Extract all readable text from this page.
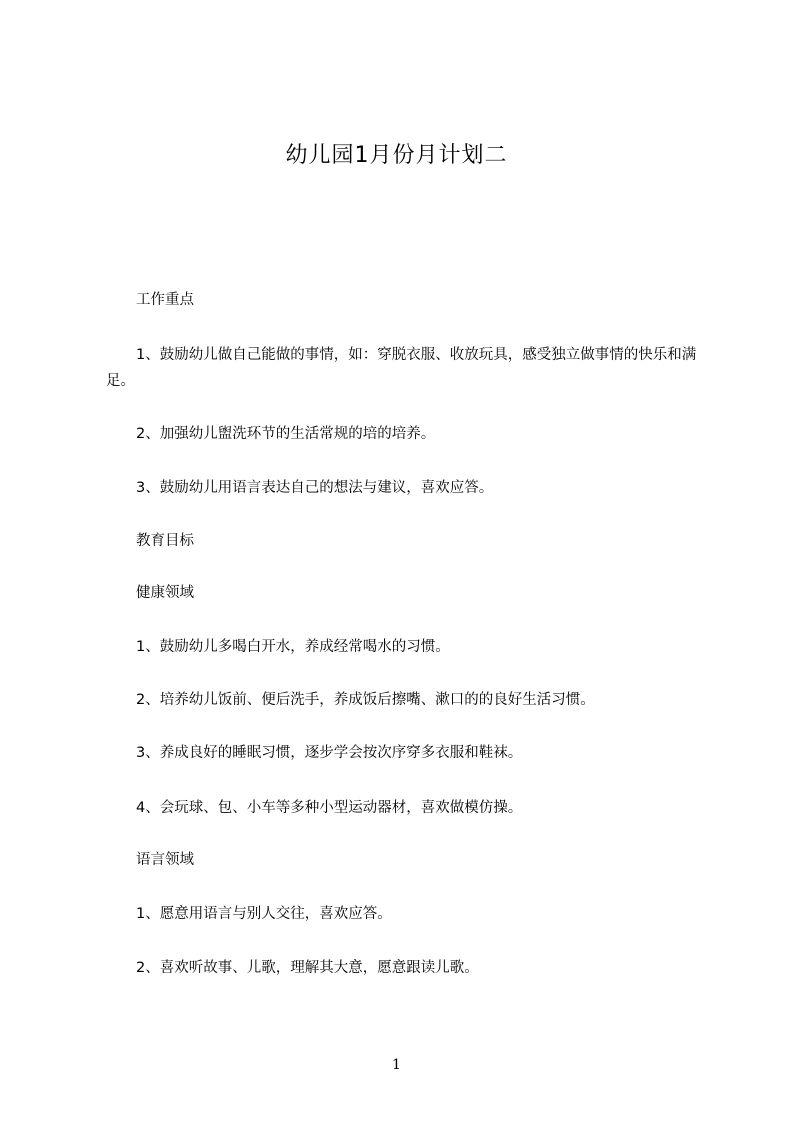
幼儿园1月份月计划二
工作重点
1、鼓励幼儿做自己能做的事情，如：穿脱衣服、收放玩具，感受独立做事情的快乐和满足。
2、加强幼儿盥洗环节的生活常规的培的培养。
3、鼓励幼儿用语言表达自己的想法与建议，喜欢应答。
教育目标
健康领域
1、鼓励幼儿多喝白开水，养成经常喝水的习惯。
2、培养幼儿饭前、便后洗手，养成饭后擦嘴、漱口的的良好生活习惯。
3、养成良好的睡眠习惯，逐步学会按次序穿多衣服和鞋袜。
4、会玩球、包、小车等多种小型运动器材，喜欢做模仿操。
语言领域
1、愿意用语言与别人交往，喜欢应答。
2、喜欢听故事、儿歌，理解其大意，愿意跟读儿歌。
1
